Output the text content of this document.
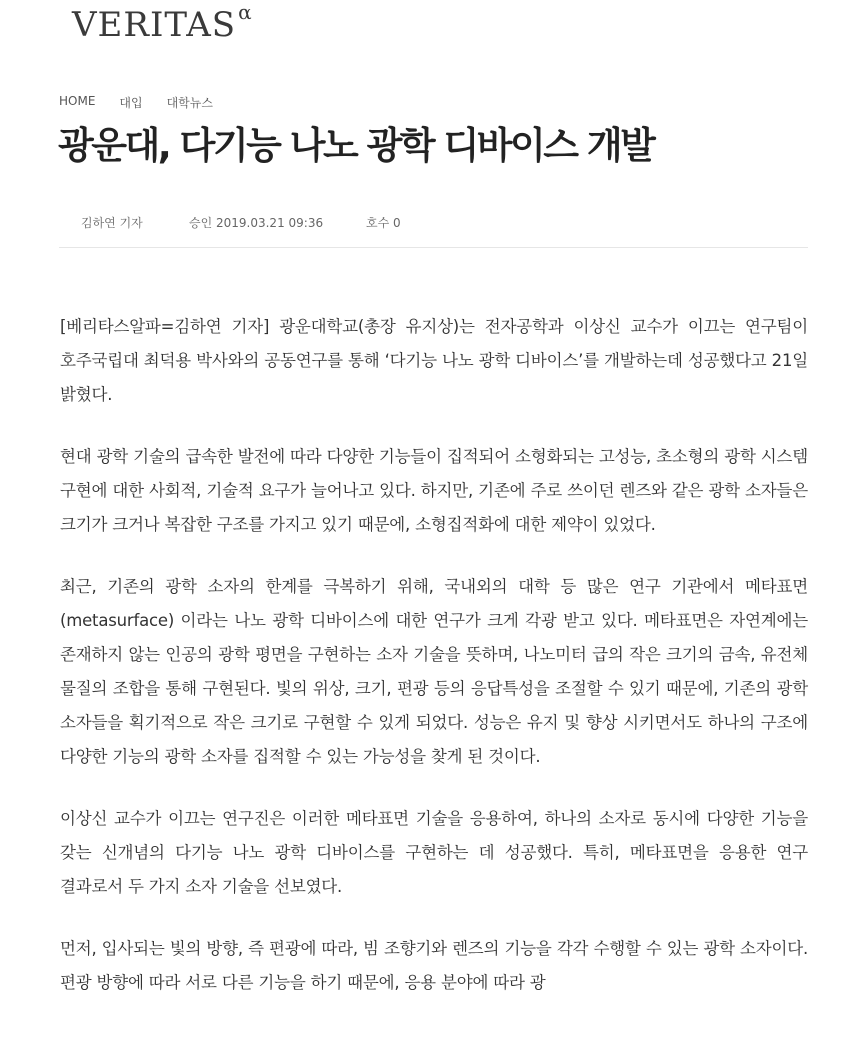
VERITAS $^\alpha$
HOME 대입 대학뉴스
광운대, 다기능 나노 광학 디바이스 개발
김하연 기자	승인 2019.03.21 09:36	호수 0

[베리타스알파=김하연 기자] 광운대학교(총장 유지상)는 전자공학과 이상신 교수가 이끄는 연구팀이 호주국립대 최덕용 박사와의 공동연구를 통해 ‘다기능 나노 광학 디바이스’를 개발하는데 성공했다고 21일 밝혔다.

현대 광학 기술의 급속한 발전에 따라 다양한 기능들이 집적되어 소형화되는 고성능, 초소형의 광학 시스템 구현에 대한 사회적, 기술적 요구가 늘어나고 있다. 하지만, 기존에 주로 쓰이던 렌즈와 같은 광학 소자들은 크기가 크거나 복잡한 구조를 가지고 있기 때문에, 소형집적화에 대한 제약이 있었다.

최근, 기존의 광학 소자의 한계를 극복하기 위해, 국내외의 대학 등 많은 연구 기관에서 메타표면 (metasurface) 이라는 나노 광학 디바이스에 대한 연구가 크게 각광 받고 있다. 메타표면은 자연계에는 존재하지 않는 인공의 광학 평면을 구현하는 소자 기술을 뜻하며, 나노미터 급의 작은 크기의 금속, 유전체 물질의 조합을 통해 구현된다. 빛의 위상, 크기, 편광 등의 응답특성을 조절할 수 있기 때문에, 기존의 광학 소자들을 획기적으로 작은 크기로 구현할 수 있게 되었다. 성능은 유지 및 향상 시키면서도 하나의 구조에 다양한 기능의 광학 소자를 집적할 수 있는 가능성을 찾게 된 것이다.

이상신 교수가 이끄는 연구진은 이러한 메타표면 기술을 응용하여, 하나의 소자로 동시에 다양한 기능을 갖는 신개념의 다기능 나노 광학 디바이스를 구현하는 데 성공했다. 특히, 메타표면을 응용한 연구 결과로서 두 가지 소자 기술을 선보였다.

먼저, 입사되는 빛의 방향, 즉 편광에 따라, 빔 조향기와 렌즈의 기능을 각각 수행할 수 있는 광학 소자이다. 편광 방향에 따라 서로 다른 기능을 하기 때문에, 응용 분야에 따라 광
